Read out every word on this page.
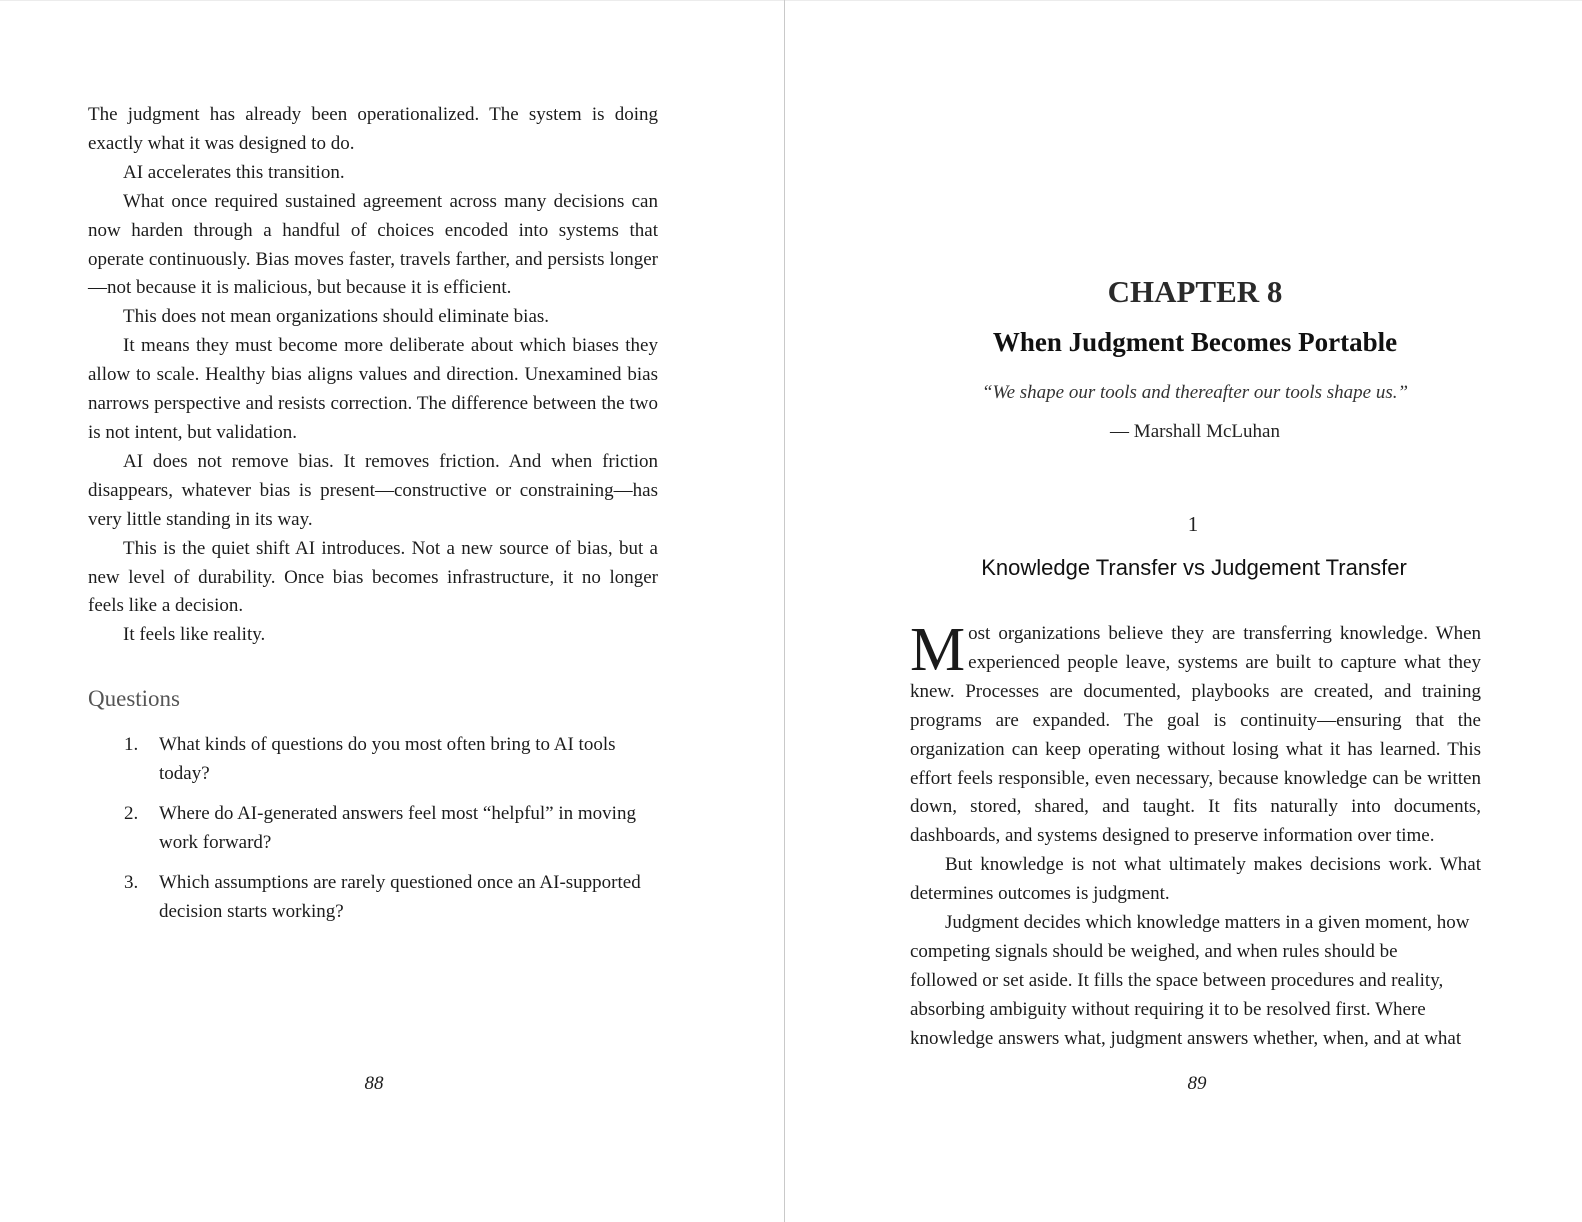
The judgment has already been operationalized. The system is doing exactly what it was designed to do.

AI accelerates this transition.

What once required sustained agreement across many decisions can now harden through a handful of choices encoded into systems that operate continuously. Bias moves faster, travels farther, and persists longer—not because it is malicious, but because it is efficient.

This does not mean organizations should eliminate bias.

It means they must become more deliberate about which biases they allow to scale. Healthy bias aligns values and direction. Unexamined bias narrows perspective and resists correction. The difference between the two is not intent, but validation.

AI does not remove bias. It removes friction. And when friction disappears, whatever bias is present—constructive or constraining—has very little standing in its way.

This is the quiet shift AI introduces. Not a new source of bias, but a new level of durability. Once bias becomes infrastructure, it no longer feels like a decision.

It feels like reality.

Questions
1. What kinds of questions do you most often bring to AI tools today?
2. Where do AI-generated answers feel most “helpful” in moving work forward?
3. Which assumptions are rarely questioned once an AI-supported decision starts working?
88
CHAPTER 8
When Judgment Becomes Portable
“We shape our tools and thereafter our tools shape us.”
— Marshall McLuhan
1
Knowledge Transfer vs Judgement Transfer

Most organizations believe they are transferring knowledge. When experienced people leave, systems are built to capture what they knew. Processes are documented, playbooks are created, and training programs are expanded. The goal is continuity—ensuring that the organization can keep operating without losing what it has learned. This effort feels responsible, even necessary, because knowledge can be written down, stored, shared, and taught. It fits naturally into documents, dashboards, and systems designed to preserve information over time.

But knowledge is not what ultimately makes decisions work. What determines outcomes is judgment.

Judgment decides which knowledge matters in a given moment, how competing signals should be weighed, and when rules should be

followed or set aside. It fills the space between procedures and reality, absorbing ambiguity without requiring it to be resolved first. Where knowledge answers what, judgment answers whether, when, and at what

89
